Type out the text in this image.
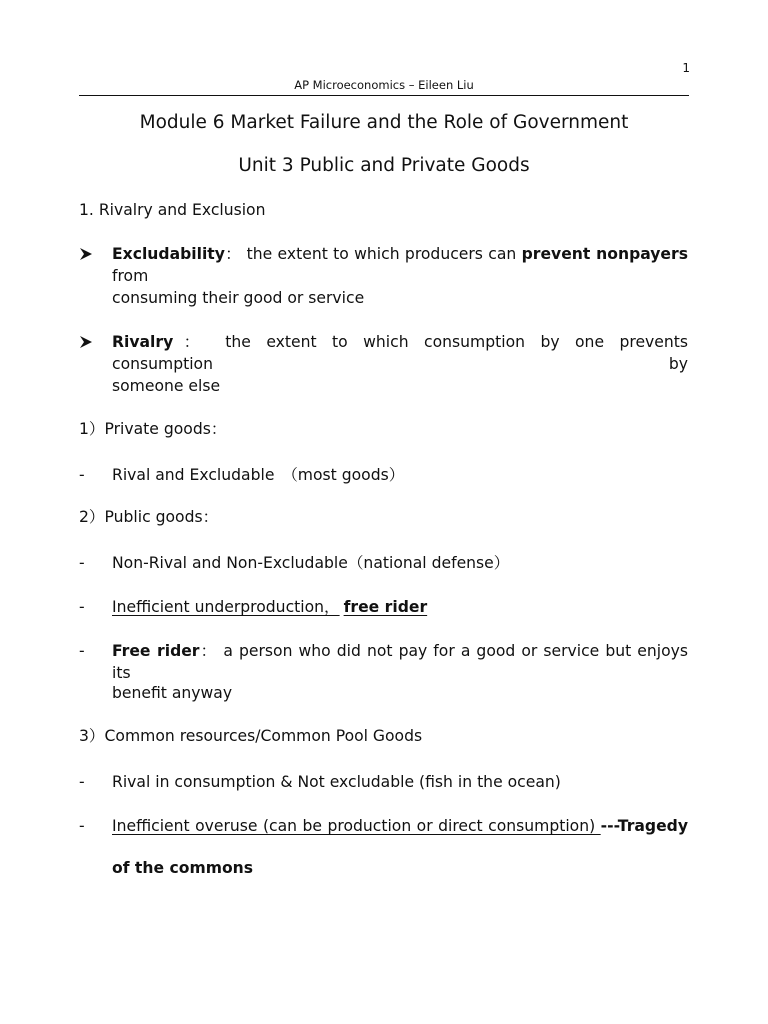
1
AP Microeconomics – Eileen Liu
Module 6 Market Failure and the Role of Government
Unit 3 Public and Private Goods
1. Rivalry and Exclusion
Excludability： the extent to which producers can prevent nonpayers from
consuming their good or service
Rivalry： the extent to which consumption by one prevents consumption by
someone else
1）Private goods：
- Rival and Excludable　（most goods）
2）Public goods：
- Non-Rival and Non-Excludable（national defense）
- Inefficient underproduction， free rider
- Free rider： a person who did not pay for a good or service but enjoys its
benefit anyway
3）Common resources/Common Pool Goods
- Rival in consumption & Not excludable (fish in the ocean)
- Inefficient overuse (can be production or direct consumption) ---Tragedy
of the commons
